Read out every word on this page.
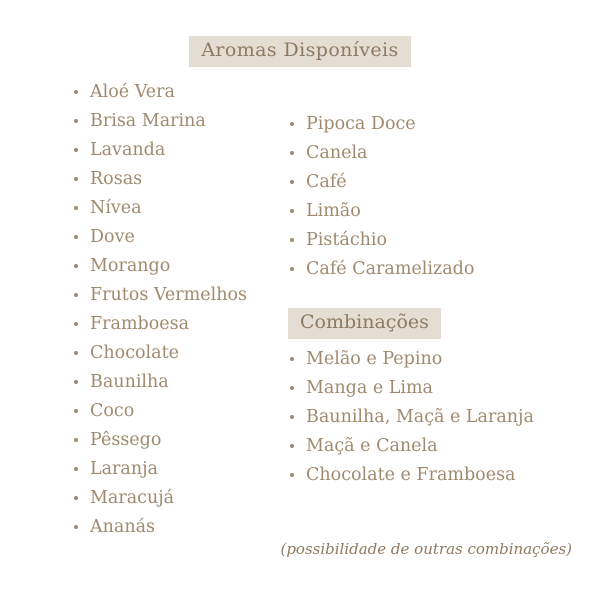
Aromas Disponíveis
Aloé Vera
Brisa Marina
Lavanda
Rosas
Nívea
Dove
Morango
Frutos Vermelhos
Framboesa
Chocolate
Baunilha
Coco
Pêssego
Laranja
Maracujá
Ananás
Pipoca Doce
Canela
Café
Limão
Pistáchio
Café Caramelizado
Combinações
Melão e Pepino
Manga e Lima
Baunilha, Maçã e Laranja
Maçã e Canela
Chocolate e Framboesa
(possibilidade de outras combinações)
